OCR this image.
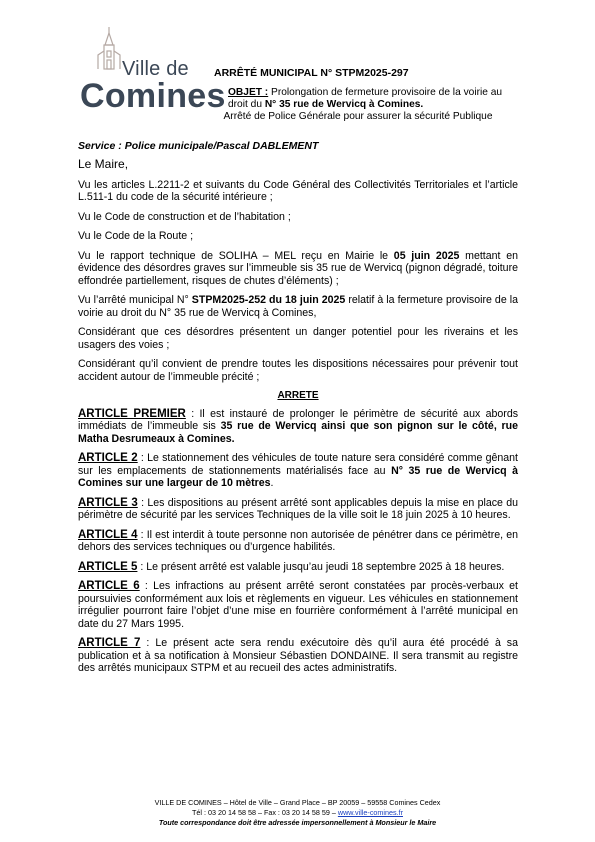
Ville de
Comines
ARRÊTÉ MUNICIPAL N° STPM2025-297
OBJET : Prolongation de fermeture provisoire de la voirie au droit du N° 35 rue de Wervicq à Comines.
Arrêté de Police Générale pour assurer la sécurité Publique
Service : Police municipale/Pascal DABLEMENT

Le Maire,

Vu les articles L.2211-2 et suivants du Code Général des Collectivités Territoriales et l’article L.511-1 du code de la sécurité intérieure ;

Vu le Code de construction et de l’habitation ;

Vu le Code de la Route ;

Vu le rapport technique de SOLIHA – MEL reçu en Mairie le 05 juin 2025 mettant en évidence des désordres graves sur l’immeuble sis 35 rue de Wervicq (pignon dégradé, toiture effondrée partiellement, risques de chutes d’éléments) ;

Vu l’arrêté municipal N° STPM2025-252 du 18 juin 2025 relatif à la fermeture provisoire de la voirie au droit du N° 35 rue de Wervicq à Comines,

Considérant que ces désordres présentent un danger potentiel pour les riverains et les usagers des voies ;

Considérant qu’il convient de prendre toutes les dispositions nécessaires pour prévenir tout accident autour de l’immeuble précité ;

ARRETE

ARTICLE PREMIER : Il est instauré de prolonger le périmètre de sécurité aux abords immédiats de l’immeuble sis 35 rue de Wervicq ainsi que son pignon sur le côté, rue Matha Desrumeaux à Comines.

ARTICLE 2 : Le stationnement des véhicules de toute nature sera considéré comme gênant sur les emplacements de stationnements matérialisés face au N° 35 rue de Wervicq à Comines sur une largeur de 10 mètres.

ARTICLE 3 : Les dispositions au présent arrêté sont applicables depuis la mise en place du périmètre de sécurité par les services Techniques de la ville soit le 18 juin 2025 à 10 heures.

ARTICLE 4 : Il est interdit à toute personne non autorisée de pénétrer dans ce périmètre, en dehors des services techniques ou d’urgence habilités.

ARTICLE 5 : Le présent arrêté est valable jusqu’au jeudi 18 septembre 2025 à 18 heures.

ARTICLE 6 : Les infractions au présent arrêté seront constatées par procès-verbaux et poursuivies conformément aux lois et règlements en vigueur. Les véhicules en stationnement irrégulier pourront faire l’objet d’une mise en fourrière conformément à l’arrêté municipal en date du 27 Mars 1995.

ARTICLE 7 : Le présent acte sera rendu exécutoire dès qu’il aura été procédé à sa publication et à sa notification à Monsieur Sébastien DONDAINE. Il sera transmit au registre des arrêtés municipaux STPM et au recueil des actes administratifs.

VILLE DE COMINES – Hôtel de Ville – Grand Place – BP 20059 – 59558 Comines Cedex
Tél : 03 20 14 58 58 – Fax : 03 20 14 58 59 – www.ville-comines.fr
Toute correspondance doit être adressée impersonnellement à Monsieur le Maire
